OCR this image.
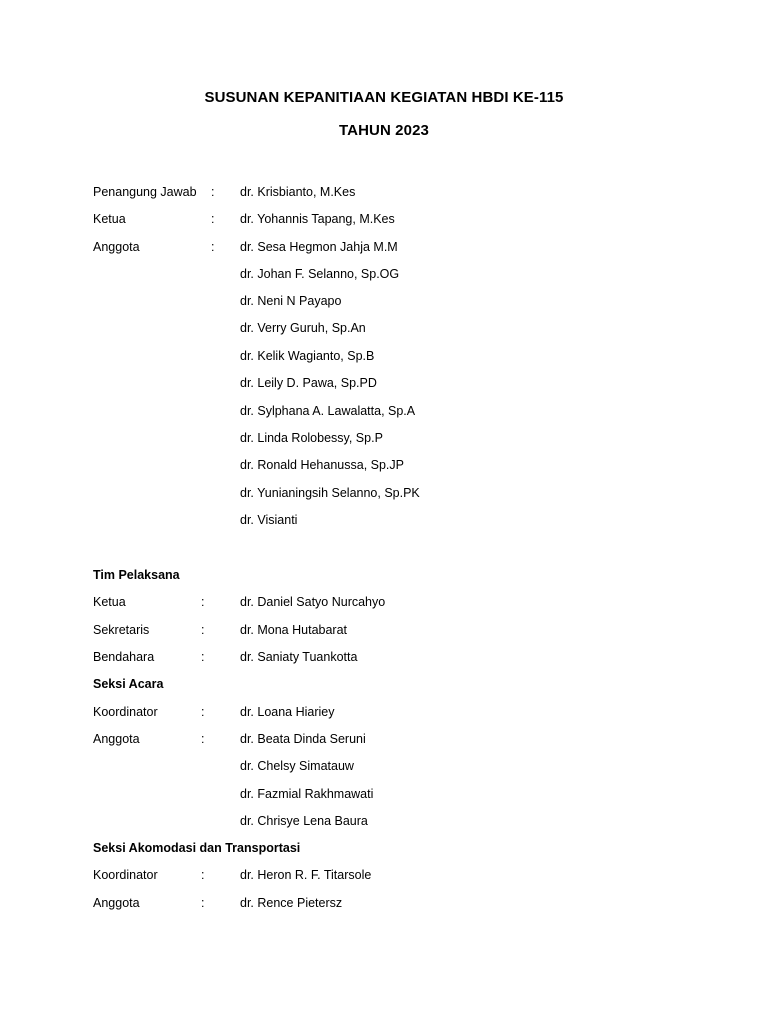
SUSUNAN KEPANITIAAN KEGIATAN HBDI KE-115
TAHUN 2023
Penangung Jawab : dr. Krisbianto, M.Kes
Ketua	: dr. Yohannis Tapang, M.Kes
Anggota	: dr. Sesa Hegmon Jahja M.M
dr. Johan F. Selanno, Sp.OG
dr. Neni N Payapo
dr. Verry Guruh, Sp.An
dr. Kelik Wagianto, Sp.B
dr. Leily D. Pawa, Sp.PD
dr. Sylphana A. Lawalatta, Sp.A
dr. Linda Rolobessy, Sp.P
dr. Ronald Hehanussa, Sp.JP
dr. Yunianingsih Selanno, Sp.PK
dr. Visianti
Tim Pelaksana
Ketua	:	dr. Daniel Satyo Nurcahyo
Sekretaris	:	dr. Mona Hutabarat
Bendahara	:	dr. Saniaty Tuankotta
Seksi Acara
Koordinator	:	dr. Loana Hiariey
Anggota	:	dr. Beata Dinda Seruni
dr. Chelsy Simatauw
dr. Fazmial Rakhmawati
dr. Chrisye Lena Baura
Seksi Akomodasi dan Transportasi
Koordinator	:	dr. Heron R. F. Titarsole
Anggota	:	dr. Rence Pietersz
